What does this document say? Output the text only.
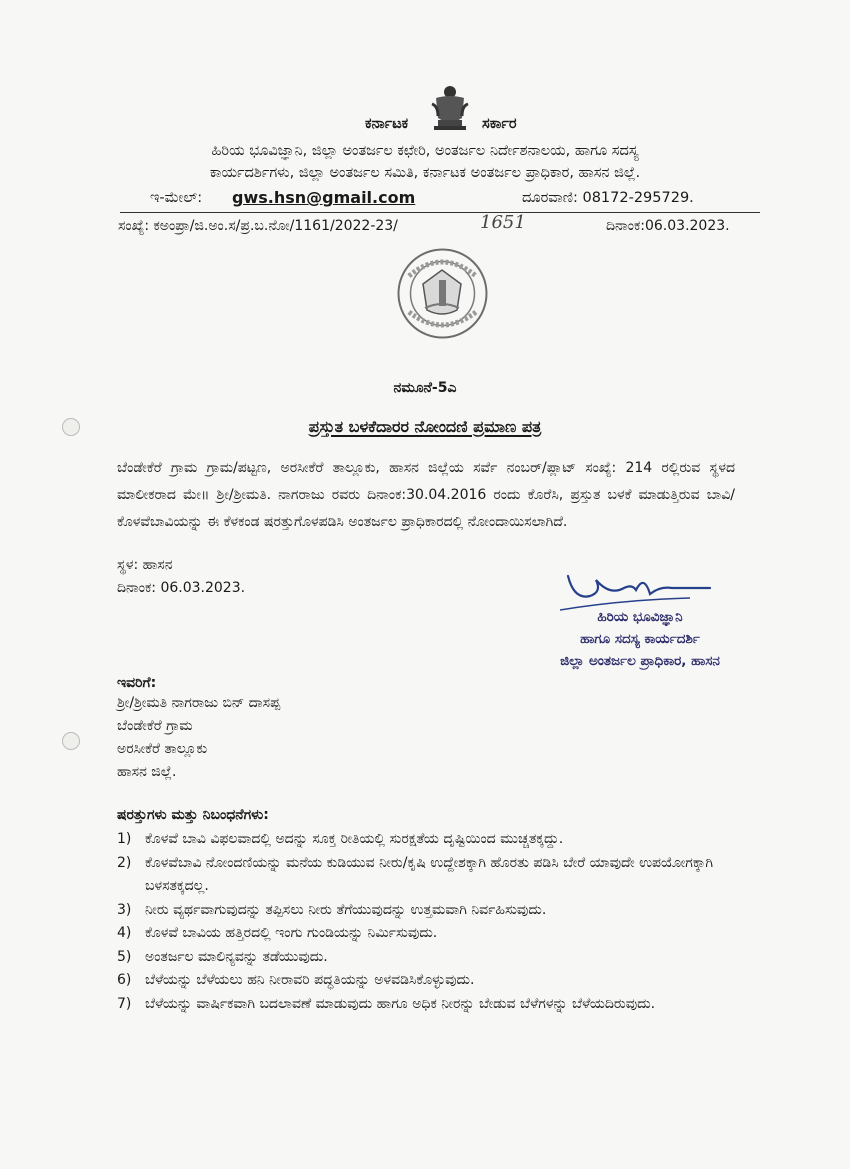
ಕರ್ನಾಟಕ	ಸರ್ಕಾರ
ಹಿರಿಯ ಭೂವಿಜ್ಞಾನಿ, ಜಿಲ್ಲಾ ಅಂತರ್ಜಲ ಕಛೇರಿ, ಅಂತರ್ಜಲ ನಿರ್ದೇಶನಾಲಯ, ಹಾಗೂ ಸದಸ್ಯ
ಕಾರ್ಯದರ್ಶಿಗಳು, ಜಿಲ್ಲಾ ಅಂತರ್ಜಲ ಸಮಿತಿ, ಕರ್ನಾಟಕ ಅಂತರ್ಜಲ ಪ್ರಾಧಿಕಾರ, ಹಾಸನ ಜಿಲ್ಲೆ.
ಇ-ಮೇಲ್: gws.hsn@gmail.com	ದೂರವಾಣಿ: 08172-295729.
ಸಂಖ್ಯೆ: ಕಅಂಪ್ರಾ/ಜಿ.ಅಂ.ಸ/ಪ್ರ.ಬ.ನೋ/1161/2022-23/	1651	ದಿನಾಂಕ:06.03.2023.
ನಮೂನೆ-5ಎ
ಪ್ರಸ್ತುತ ಬಳಕೆದಾರರ ನೋಂದಣಿ ಪ್ರಮಾಣ ಪತ್ರ
ಬೆಂಡೇಕೆರೆ ಗ್ರಾಮ ಗ್ರಾಮ/ಪಟ್ಟಣ, ಅರಸೀಕೆರೆ ತಾಲ್ಲೂಕು, ಹಾಸನ ಜಿಲ್ಲೆಯ ಸರ್ವೆ ನಂಬರ್/ಪ್ಲಾಟ್ ಸಂಖ್ಯೆ: 214 ರಲ್ಲಿರುವ ಸ್ಥಳದ ಮಾಲೀಕರಾದ ಮೇ॥ ಶ್ರೀ/ಶ್ರೀಮತಿ. ನಾಗರಾಜು ರವರು ದಿನಾಂಕ:30.04.2016 ರಂದು ಕೊರೆಸಿ, ಪ್ರಸ್ತುತ ಬಳಕೆ ಮಾಡುತ್ತಿರುವ ಬಾವಿ/ಕೊಳವೆಬಾವಿಯನ್ನು ಈ ಕೆಳಕಂಡ ಷರತ್ತುಗೊಳಪಡಿಸಿ ಅಂತರ್ಜಲ ಪ್ರಾಧಿಕಾರದಲ್ಲಿ ನೋಂದಾಯಿಸಲಾಗಿದೆ.
ಸ್ಥಳ: ಹಾಸನ
ದಿನಾಂಕ: 06.03.2023.
ಹಿರಿಯ ಭೂವಿಜ್ಞಾನಿ
ಹಾಗೂ ಸದಸ್ಯ ಕಾರ್ಯದರ್ಶಿ
ಜಿಲ್ಲಾ ಅಂತರ್ಜಲ ಪ್ರಾಧಿಕಾರ, ಹಾಸನ
ಇವರಿಗೆ:
ಶ್ರೀ/ಶ್ರೀಮತಿ ನಾಗರಾಜು ಬಿನ್ ದಾಸಪ್ಪ
ಬೆಂಡೇಕೆರೆ ಗ್ರಾಮ
ಅರಸೀಕೆರೆ ತಾಲ್ಲೂಕು
ಹಾಸನ ಜಿಲ್ಲೆ.
ಷರತ್ತುಗಳು ಮತ್ತು ನಿಬಂಧನೆಗಳು:
1) ಕೊಳವೆ ಬಾವಿ ವಿಫಲವಾದಲ್ಲಿ ಅದನ್ನು ಸೂಕ್ತ ರೀತಿಯಲ್ಲಿ ಸುರಕ್ಷತೆಯ ದೃಷ್ಟಿಯಿಂದ ಮುಚ್ಚತಕ್ಕದ್ದು.
2) ಕೊಳವೆಬಾವಿ ನೋಂದಣಿಯನ್ನು ಮನೆಯ ಕುಡಿಯುವ ನೀರು/ಕೃಷಿ ಉದ್ದೇಶಕ್ಕಾಗಿ ಹೊರತು ಪಡಿಸಿ ಬೇರೆ ಯಾವುದೇ ಉಪಯೋಗಕ್ಕಾಗಿ ಬಳಸತಕ್ಕದಲ್ಲ.
3) ನೀರು ವ್ಯರ್ಥವಾಗುವುದನ್ನು ತಪ್ಪಿಸಲು ನೀರು ತೆಗೆಯುವುದನ್ನು ಉತ್ತಮವಾಗಿ ನಿರ್ವಹಿಸುವುದು.
4) ಕೊಳವೆ ಬಾವಿಯ ಹತ್ತಿರದಲ್ಲಿ ಇಂಗು ಗುಂಡಿಯನ್ನು ನಿರ್ಮಿಸುವುದು.
5) ಅಂತರ್ಜಲ ಮಾಲಿನ್ಯವನ್ನು ತಡೆಯುವುದು.
6) ಬೆಳೆಯನ್ನು ಬೆಳೆಯಲು ಹನಿ ನೀರಾವರಿ ಪದ್ಧತಿಯನ್ನು ಅಳವಡಿಸಿಕೊಳ್ಳುವುದು.
7) ಬೆಳೆಯನ್ನು ವಾರ್ಷಿಕವಾಗಿ ಬದಲಾವಣೆ ಮಾಡುವುದು ಹಾಗೂ ಅಧಿಕ ನೀರನ್ನು ಬೇಡುವ ಬೆಳೆಗಳನ್ನು ಬೆಳೆಯದಿರುವುದು.
